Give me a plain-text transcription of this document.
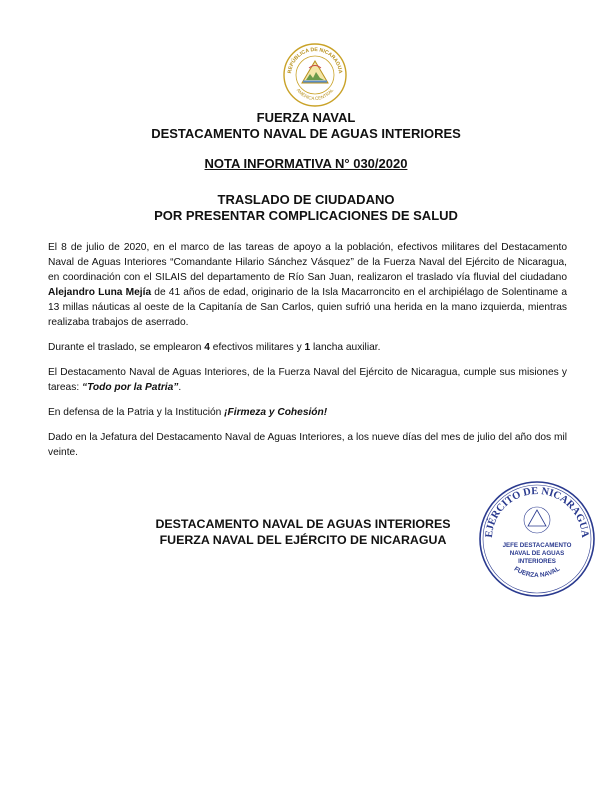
REPÚBLICA DE NICARAGUA
AMÉRICA CENTRAL
FUERZA NAVAL
DESTACAMENTO NAVAL DE AGUAS INTERIORES
NOTA INFORMATIVA N° 030/2020
TRASLADO DE CIUDADANO
POR PRESENTAR COMPLICACIONES DE SALUD

El 8 de julio de 2020, en el marco de las tareas de apoyo a la población, efectivos militares del Destacamento Naval de Aguas Interiores “Comandante Hilario Sánchez Vásquez” de la Fuerza Naval del Ejército de Nicaragua, en coordinación con el SILAIS del departamento de Río San Juan, realizaron el traslado vía fluvial del ciudadano Alejandro Luna Mejía de 41 años de edad, originario de la Isla Macarroncito en el archipiélago de Solentiname a 13 millas náuticas al oeste de la Capitanía de San Carlos, quien sufrió una herida en la mano izquierda, mientras realizaba trabajos de aserrado.

Durante el traslado, se emplearon 4 efectivos militares y 1 lancha auxiliar.

El Destacamento Naval de Aguas Interiores, de la Fuerza Naval del Ejército de Nicaragua, cumple sus misiones y tareas: “Todo por la Patria”.

En defensa de la Patria y la Institución ¡Firmeza y Cohesión!

Dado en la Jefatura del Destacamento Naval de Aguas Interiores, a los nueve días del mes de julio del año dos mil veinte.

DESTACAMENTO NAVAL DE AGUAS INTERIORES
FUERZA NAVAL DEL EJÉRCITO DE NICARAGUA	EJÉRCITO DE NICARAGUA
FUERZA NAVAL
JEFE DESTACAMENTO
NAVAL DE AGUAS
INTERIORES
